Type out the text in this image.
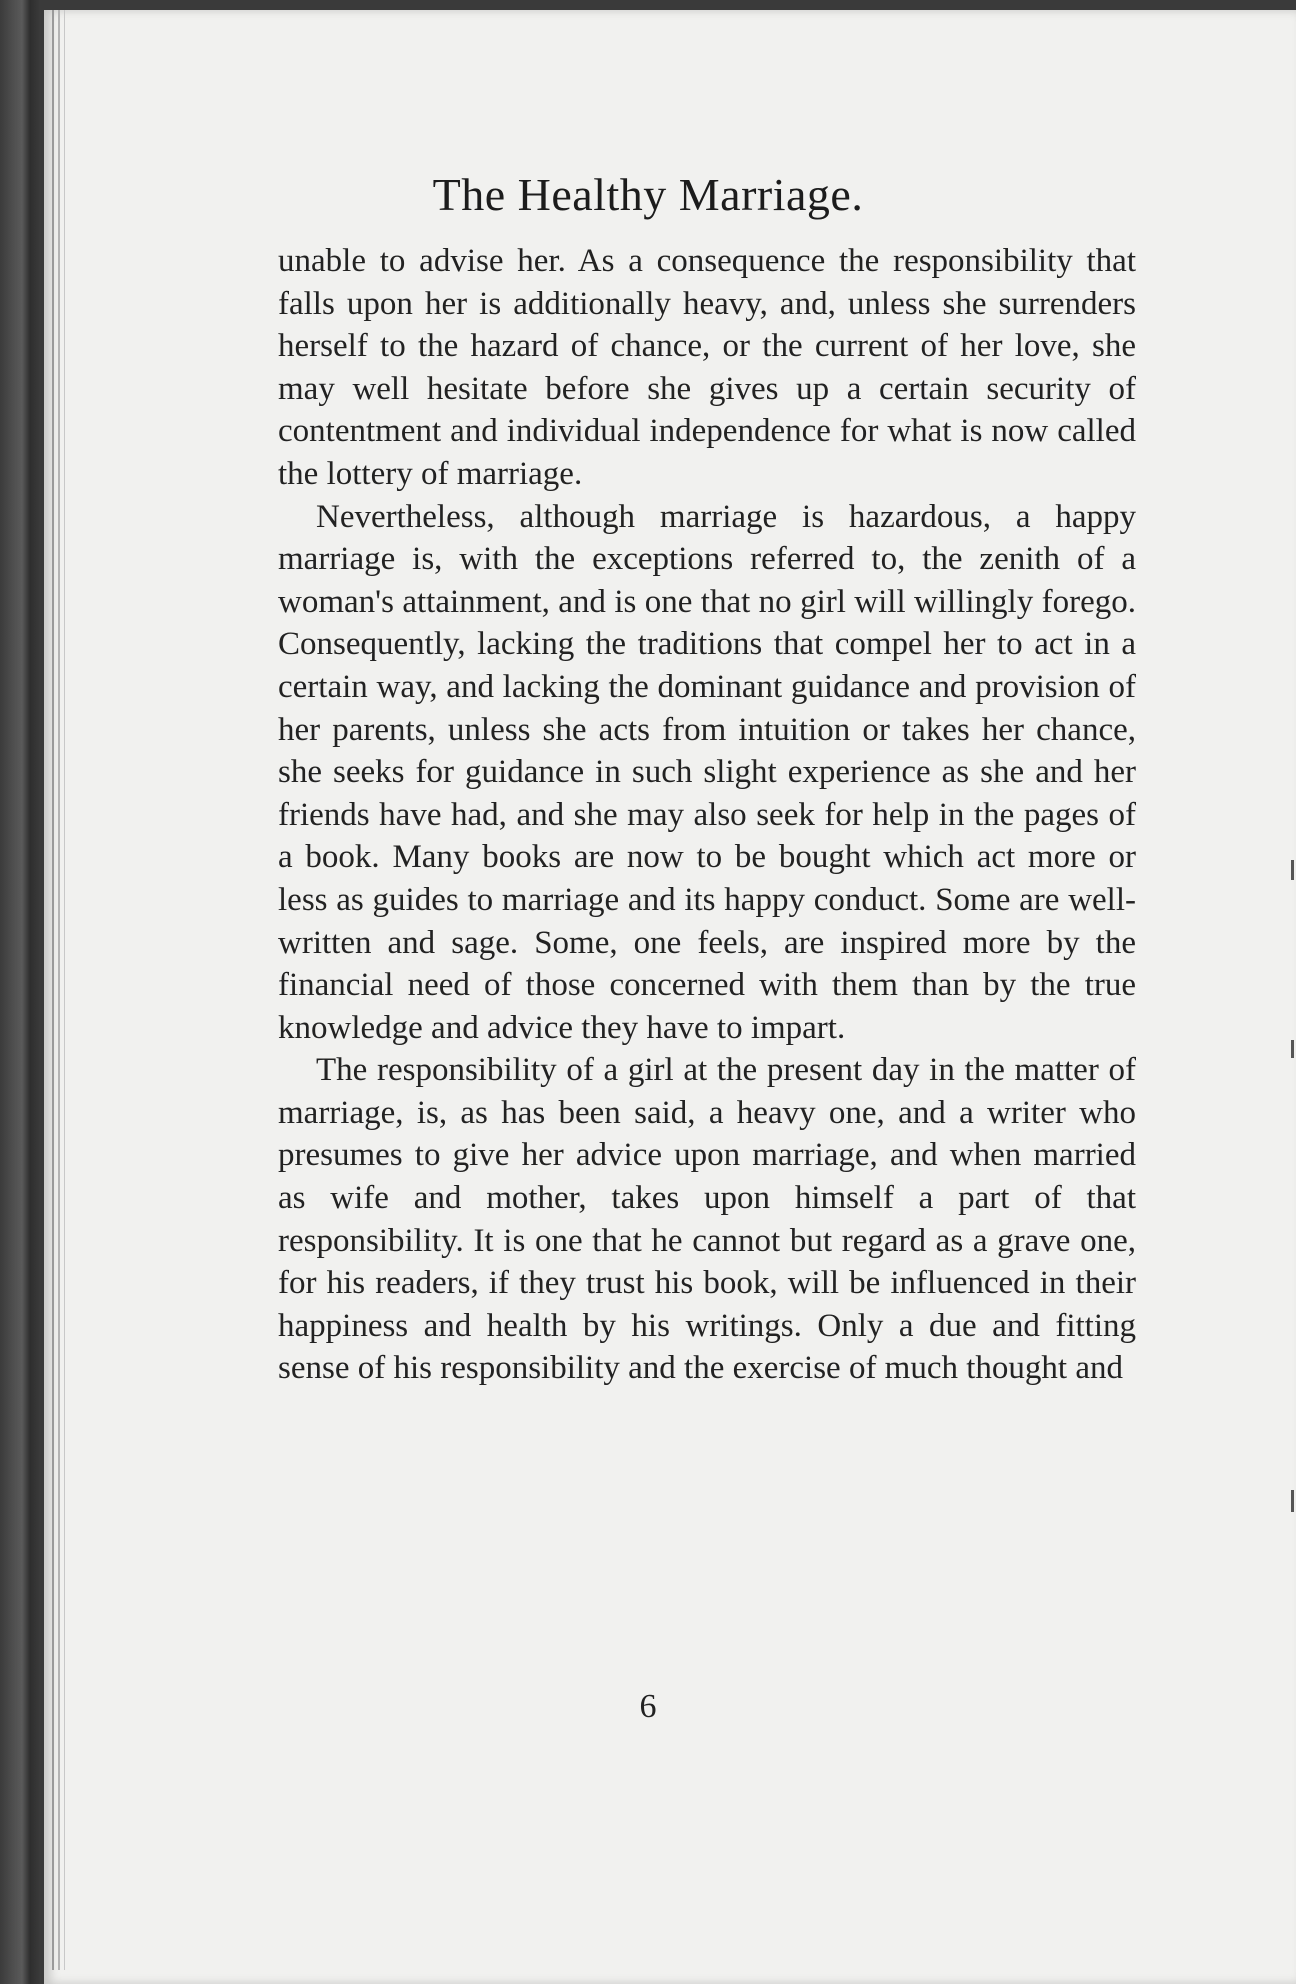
The Healthy Marriage.

unable to advise her. As a consequence the responsibility that falls upon her is additionally heavy, and, unless she surrenders herself to the hazard of chance, or the current of her love, she may well hesitate before she gives up a certain security of contentment and individual independence for what is now called the lottery of marriage.

Nevertheless, although marriage is hazardous, a happy marriage is, with the exceptions referred to, the zenith of a woman's attainment, and is one that no girl will willingly forego. Consequently, lacking the traditions that compel her to act in a certain way, and lacking the dominant guidance and provision of her parents, unless she acts from intuition or takes her chance, she seeks for guidance in such slight experience as she and her friends have had, and she may also seek for help in the pages of a book. Many books are now to be bought which act more or less as guides to marriage and its happy conduct. Some are well-written and sage. Some, one feels, are inspired more by the financial need of those concerned with them than by the true knowledge and advice they have to impart.

The responsibility of a girl at the present day in the matter of marriage, is, as has been said, a heavy one, and a writer who presumes to give her advice upon marriage, and when married as wife and mother, takes upon himself a part of that responsibility. It is one that he cannot but regard as a grave one, for his readers, if they trust his book, will be influenced in their happiness and health by his writings. Only a due and fitting sense of his responsibility and the exercise of much thought and

6
